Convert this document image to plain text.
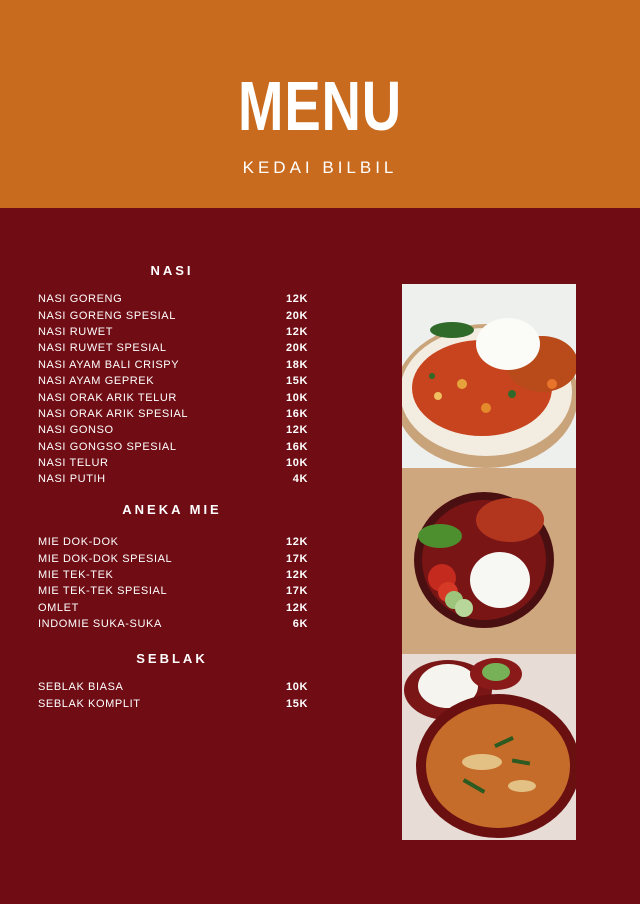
MENU
KEDAI BILBIL
NASI
NASI GORENG	12K
NASI GORENG SPESIAL	20K
NASI RUWET	12K
NASI RUWET SPESIAL	20K
NASI AYAM BALI CRISPY	18K
NASI AYAM GEPREK	15K
NASI ORAK ARIK TELUR	10K
NASI ORAK ARIK SPESIAL	16K
NASI GONSO	12K
NASI GONGSO SPESIAL	16K
NASI TELUR	10K
NASI PUTIH	4K
ANEKA MIE
MIE DOK-DOK	12K
MIE DOK-DOK SPESIAL	17K
MIE TEK-TEK	12K
MIE TEK-TEK SPESIAL	17K
OMLET	12K
INDOMIE SUKA-SUKA	6K
SEBLAK
SEBLAK BIASA	10K
SEBLAK KOMPLIT	15K
